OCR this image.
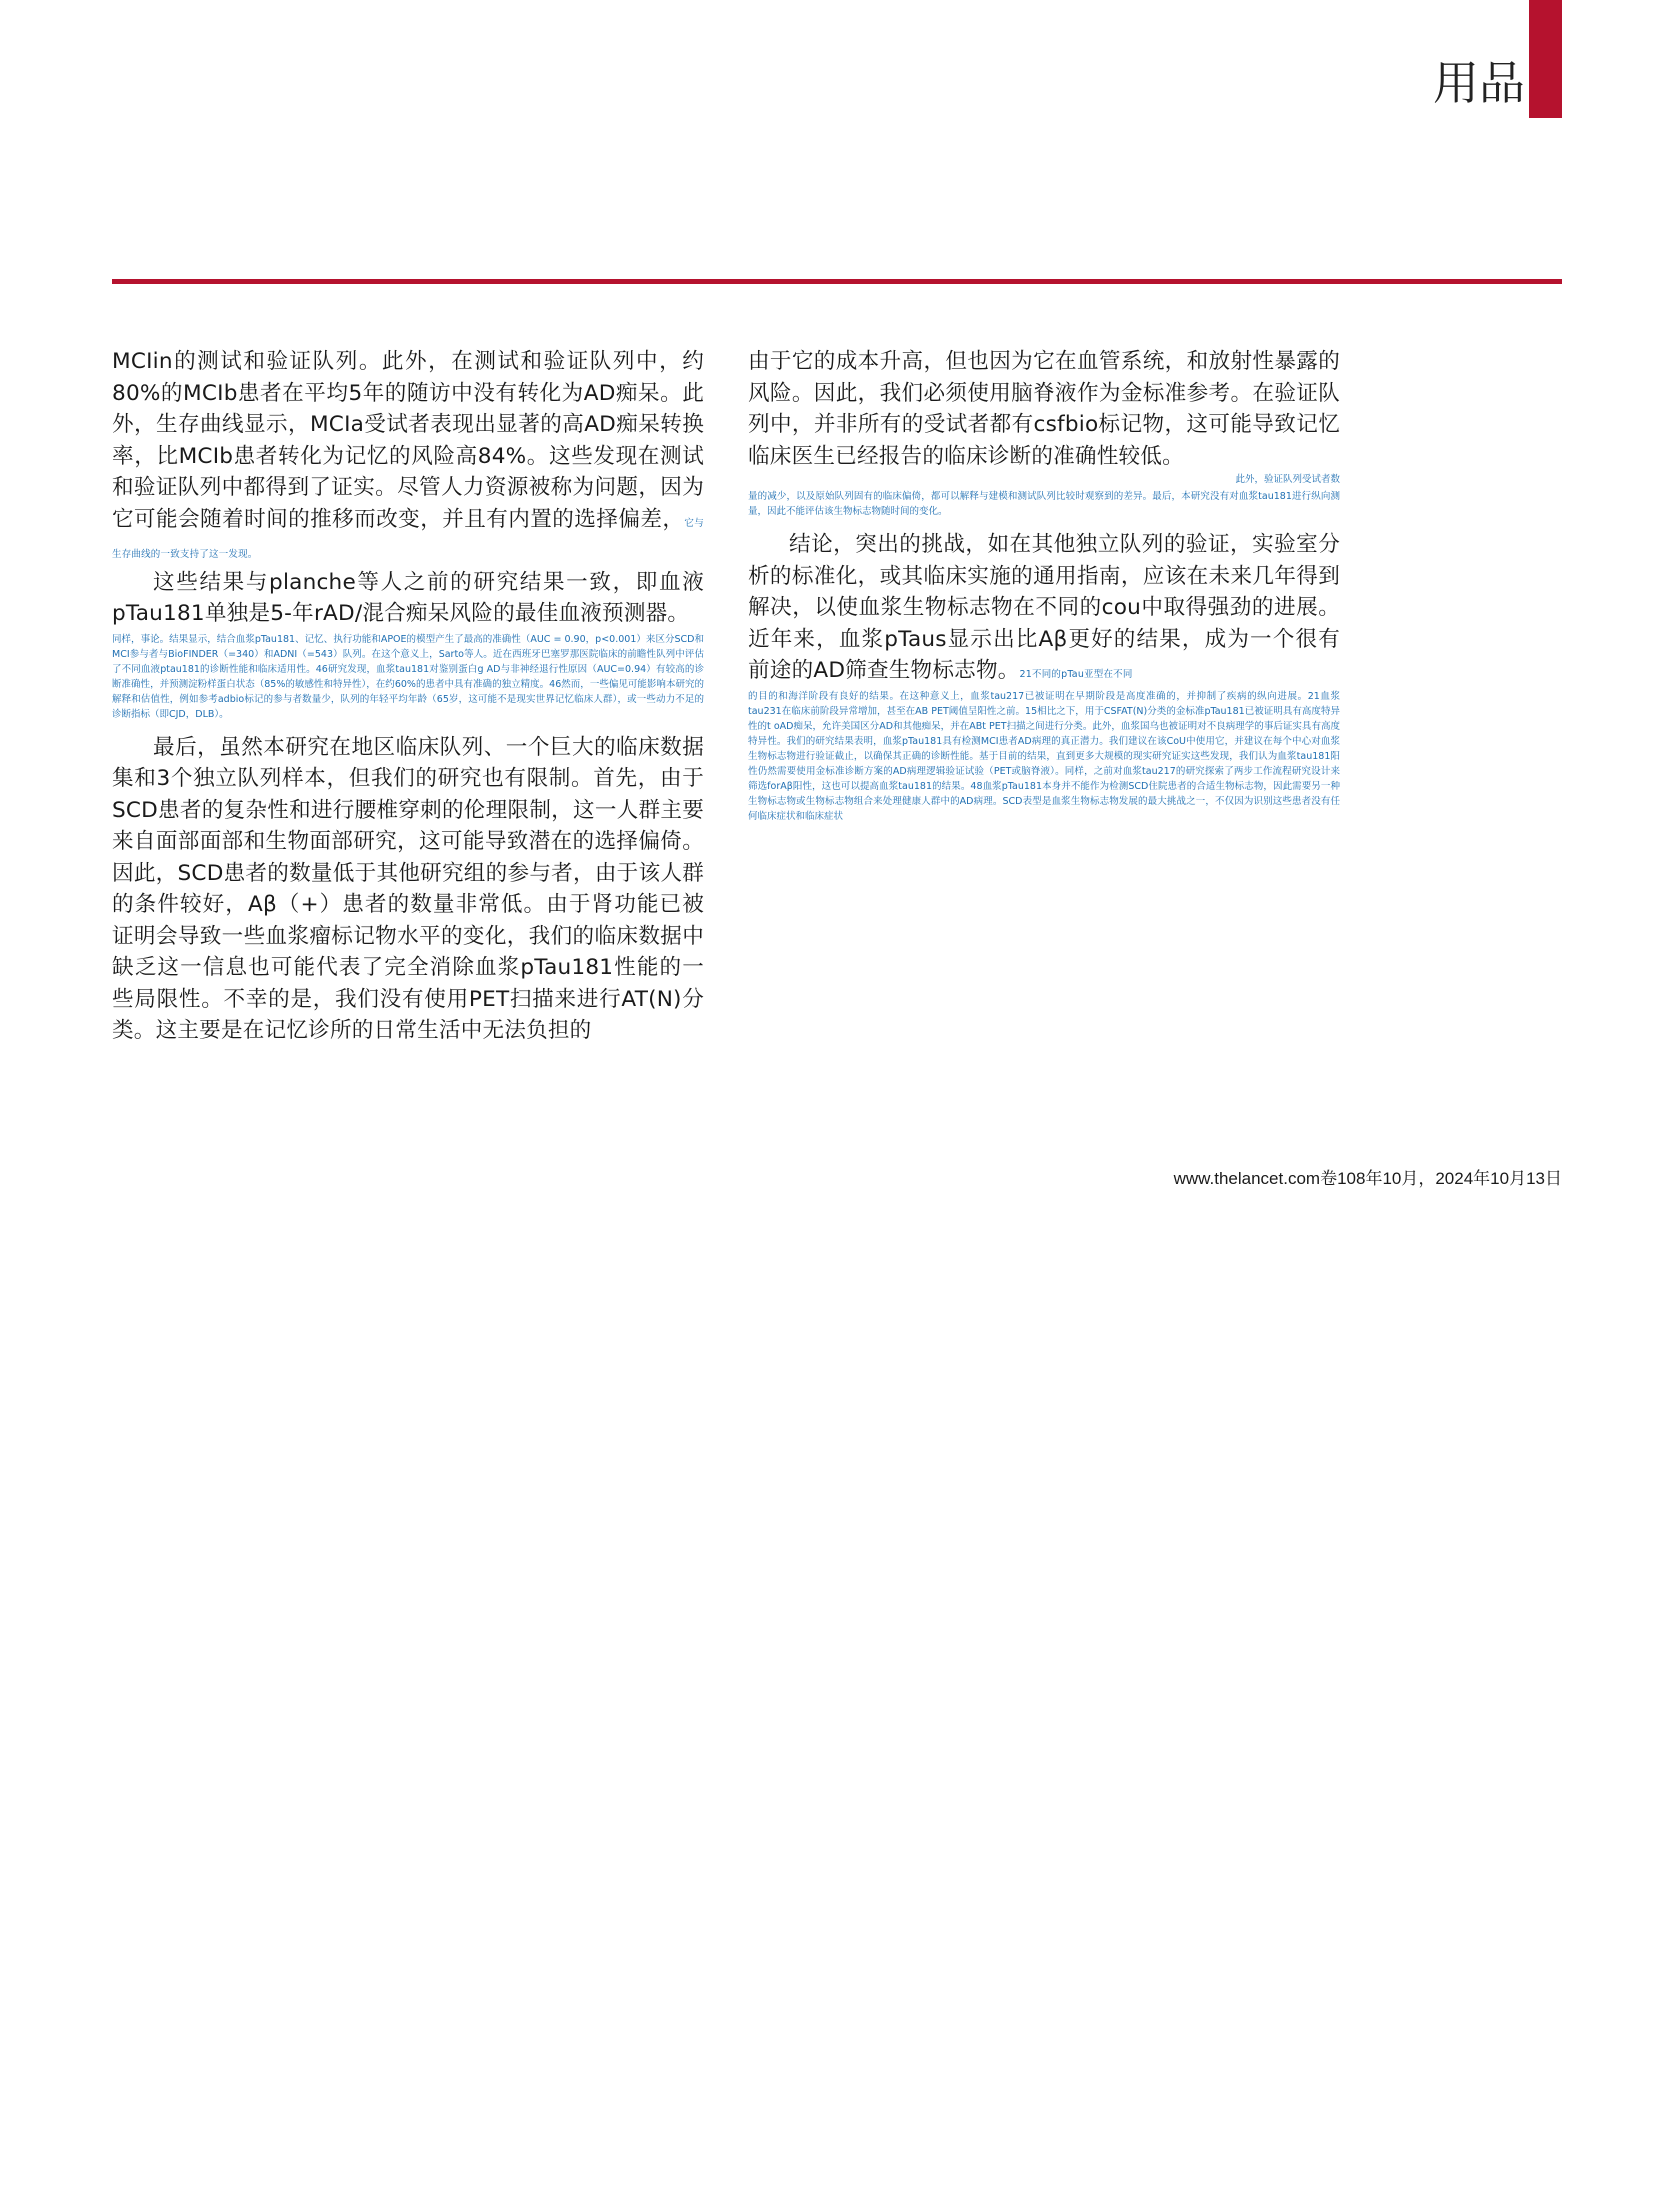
用品

MCIin的测试和验证队列。此外，在测试和验证队列中，约80%的MCIb患者在平均5年的随访中没有转化为AD痴呆。此外，生存曲线显示，MCIa受试者表现出显著的高AD痴呆转换率，比MCIb患者转化为记忆的风险高84%。这些发现在测试和验证队列中都得到了证实。尽管人力资源被称为问题，因为它可能会随着时间的推移而改变，并且有内置的选择偏差，它与生存曲线的一致支持了这一发现。

这些结果与planche等人之前的研究结果一致，即血液pTau181单独是5-年rAD/混合痴呆风险的最佳血液预测器。

同样，事论。结果显示，结合血浆pTau181、记忆、执行功能和APOE的模型产生了最高的准确性（AUC = 0.90，p<0.001）来区分SCD和MCI参与者与BioFINDER（=340）和ADNI（=543）队列。在这个意义上，Sarto等人。近在西班牙巴塞罗那医院临床的前瞻性队列中评估了不同血液ptau181的诊断性能和临床适用性。46研究发现，血浆tau181对鉴别蛋白g AD与非神经退行性原因（AUC=0.94）有较高的诊断准确性，并预测淀粉样蛋白状态（85%的敏感性和特异性），在约60%的患者中具有准确的独立精度。46然而，一些偏见可能影响本研究的解释和估值性，例如参考adbio标记的参与者数量少，队列的年轻平均年龄（65岁，这可能不是现实世界记忆临床人群），或一些动力不足的诊断指标（即CJD，DLB）。

最后，虽然本研究在地区临床队列、一个巨大的临床数据集和3个独立队列样本，但我们的研究也有限制。首先，由于SCD患者的复杂性和进行腰椎穿刺的伦理限制，这一人群主要来自面部面部和生物面部研究，这可能导致潜在的选择偏倚。因此，SCD患者的数量低于其他研究组的参与者，由于该人群的条件较好，Aβ（+）患者的数量非常低。由于肾功能已被证明会导致一些血浆瘤标记物水平的变化，我们的临床数据中缺乏这一信息也可能代表了完全消除血浆pTau181性能的一些局限性。不幸的是，我们没有使用PET扫描来进行AT(N)分类。这主要是在记忆诊所的日常生活中无法负担的

由于它的成本升高，但也因为它在血管系统，和放射性暴露的风险。因此，我们必须使用脑脊液作为金标准参考。在验证队列中，并非所有的受试者都有csfbio标记物，这可能导致记忆临床医生已经报告的临床诊断的准确性较低。

此外，验证队列受试者数
量的减少，以及原始队列固有的临床偏倚，都可以解释与建模和测试队列比较时观察到的差异。最后，本研究没有对血浆tau181进行纵向测量，因此不能评估该生物标志物随时间的变化。

结论，突出的挑战，如在其他独立队列的验证，实验室分析的标准化，或其临床实施的通用指南，应该在未来几年得到解决，以使血浆生物标志物在不同的cou中取得强劲的进展。近年来，血浆pTaus显示出比Aβ更好的结果，成为一个很有前途的AD筛查生物标志物。21不同的pTau亚型在不同

的目的和海洋阶段有良好的结果。在这种意义上，血浆tau217已被证明在早期阶段是高度准确的，并抑制了疾病的纵向进展。21血浆tau231在临床前阶段异常增加，甚至在AB PET阈值呈阳性之前。15相比之下，用于CSFAT(N)分类的金标准pTau181已被证明具有高度特异性的t oAD痴呆，允许美国区分AD和其他痴呆，并在ABt PET扫描之间进行分类。此外，血浆国乌也被证明对不良病理学的事后证实具有高度特异性。我们的研究结果表明，血浆pTau181具有检测MCI患者AD病理的真正潜力。我们建议在该CoU中使用它，并建议在每个中心对血浆生物标志物进行验证截止，以确保其正确的诊断性能。基于目前的结果，直到更多大规模的现实研究证实这些发现，我们认为血浆tau181阳性仍然需要使用金标准诊断方案的AD病理逻辑验证试验（PET或脑脊液）。同样，之前对血浆tau217的研究探索了两步工作流程研究设计来筛选forAβ阳性，这也可以提高血浆tau181的结果。48血浆pTau181本身并不能作为检测SCD住院患者的合适生物标志物，因此需要另一种生物标志物或生物标志物组合来处理健康人群中的AD病理。SCD表型是血浆生物标志物发展的最大挑战之一，不仅因为识别这些患者没有任何临床症状和临床症状
www.thelancet.com卷108年10月，2024年10月13日
